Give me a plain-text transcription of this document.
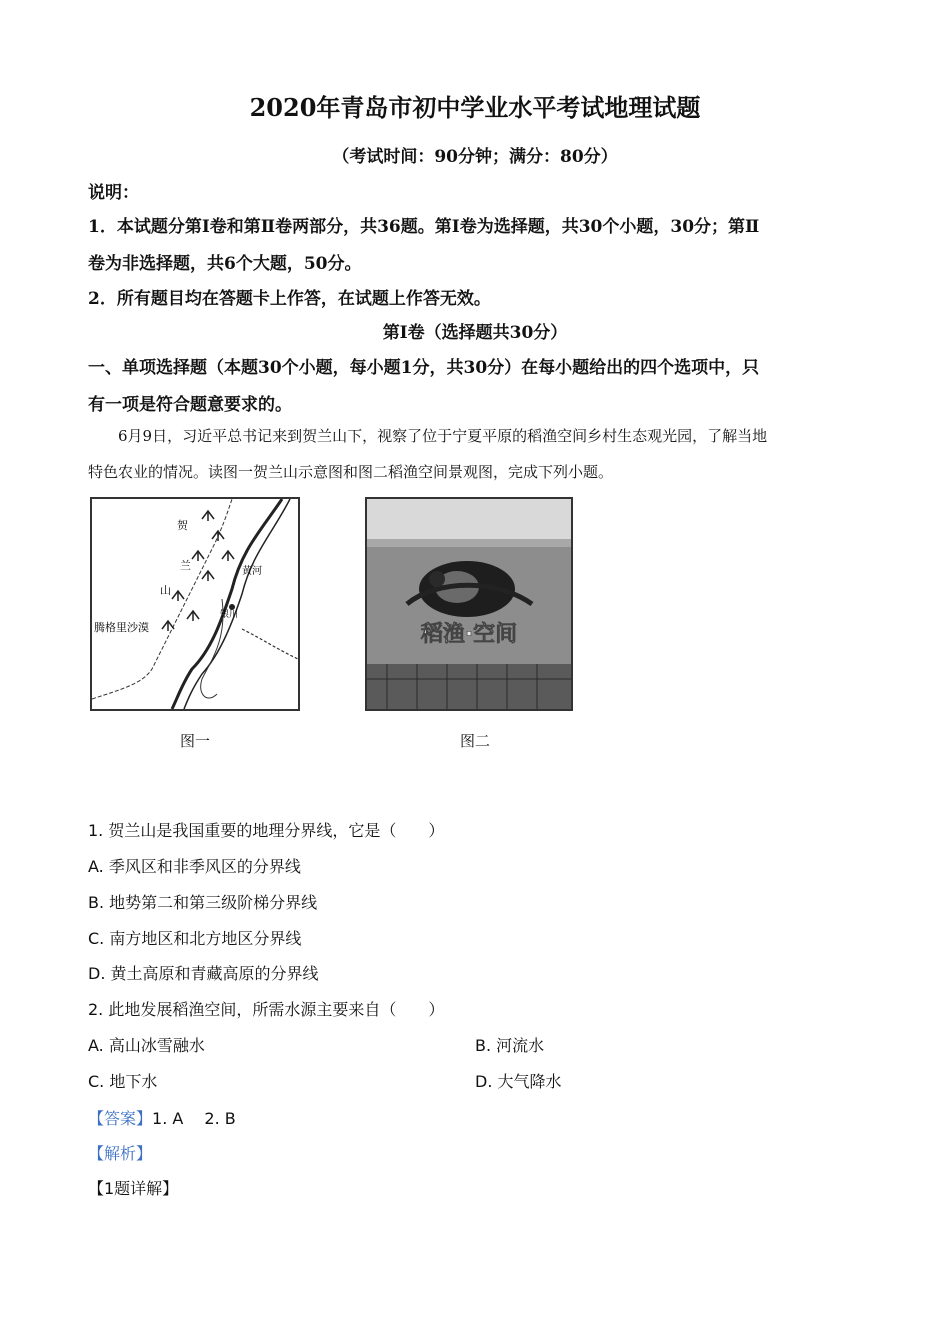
2020年青岛市初中学业水平考试地理试题
（考试时间：90分钟；满分：80分）
说明：
1．本试题分第Ⅰ卷和第Ⅱ卷两部分，共36题。第Ⅰ卷为选择题，共30个小题，30分；第Ⅱ
卷为非选择题，共6个大题，50分。
2．所有题目均在答题卡上作答，在试题上作答无效。
第Ⅰ卷（选择题共30分）
一、单项选择题（本题30个小题，每小题1分，共30分）在每小题给出的四个选项中，只
有一项是符合题意要求的。
6月9日，习近平总书记来到贺兰山下，视察了位于宁夏平原的稻渔空间乡村生态观光园，了解当地
特色农业的情况。读图一贺兰山示意图和图二稻渔空间景观图，完成下列小题。
贺
兰
山
黄河
银川
腾格里沙漠
图一
稻渔·空间
图二
1. 贺兰山是我国重要的地理分界线，它是（　　）
A. 季风区和非季风区的分界线
B. 地势第二和第三级阶梯分界线
C. 南方地区和北方地区分界线
D. 黄土高原和青藏高原的分界线
2. 此地发展稻渔空间，所需水源主要来自（　　）
A. 高山冰雪融水	B. 河流水
C. 地下水	D. 大气降水
【答案】1. A　 2. B
【解析】
【1题详解】
